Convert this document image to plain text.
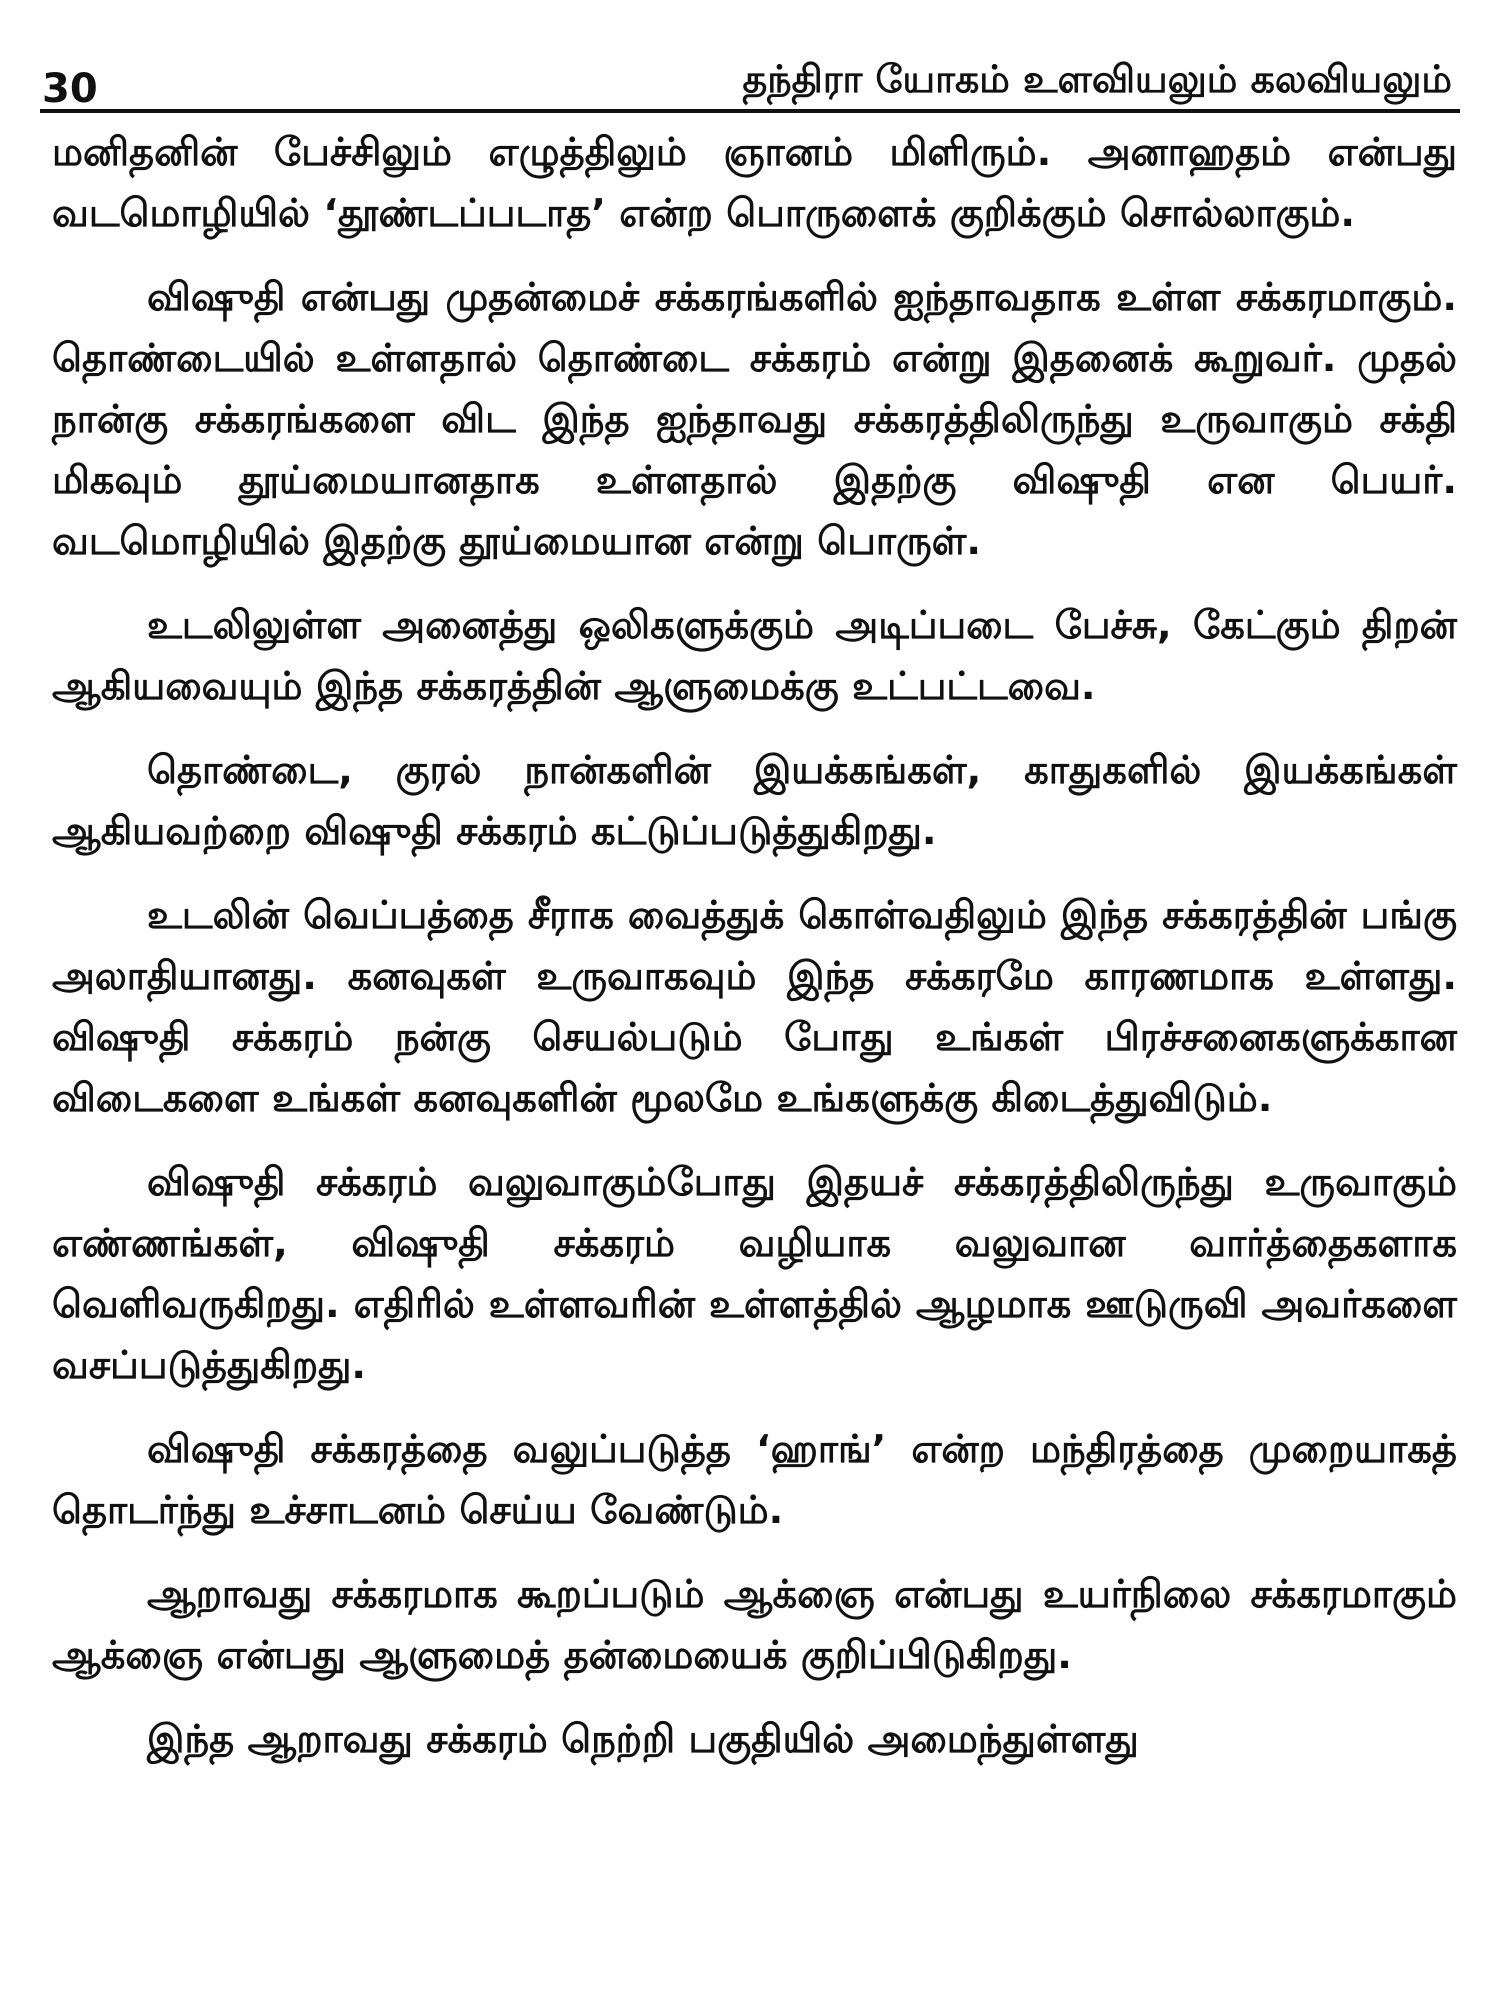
30	தந்திரா யோகம் உளவியலும் கலவியலும்

மனிதனின் பேச்சிலும் எழுத்திலும் ஞானம் மிளிரும். அனாஹதம் என்பது வடமொழியில் ‘தூண்டப்படாத’ என்ற பொருளைக் குறிக்கும் சொல்லாகும்.

விஷுதி என்பது முதன்மைச் சக்கரங்களில் ஐந்தாவதாக உள்ள சக்கரமாகும். தொண்டையில் உள்ளதால் தொண்டை சக்கரம் என்று இதனைக் கூறுவர். முதல் நான்கு சக்கரங்களை விட இந்த ஐந்தாவது சக்கரத்திலிருந்து உருவாகும் சக்தி மிகவும் தூய்மையானதாக உள்ளதால் இதற்கு விஷுதி என பெயர். வடமொழியில் இதற்கு தூய்மையான என்று பொருள்.

உடலிலுள்ள அனைத்து ஒலிகளுக்கும் அடிப்படை பேச்சு, கேட்கும் திறன் ஆகியவையும் இந்த சக்கரத்தின் ஆளுமைக்கு உட்பட்டவை.

தொண்டை, குரல் நான்களின் இயக்கங்கள், காதுகளில் இயக்கங்கள் ஆகியவற்றை விஷுதி சக்கரம் கட்டுப்படுத்துகிறது.

உடலின் வெப்பத்தை சீராக வைத்துக் கொள்வதிலும் இந்த சக்கரத்தின் பங்கு அலாதியானது. கனவுகள் உருவாகவும் இந்த சக்கரமே காரணமாக உள்ளது. விஷுதி சக்கரம் நன்கு செயல்படும் போது உங்கள் பிரச்சனைகளுக்கான விடைகளை உங்கள் கனவுகளின் மூலமே உங்களுக்கு கிடைத்துவிடும்.

விஷுதி சக்கரம் வலுவாகும்போது இதயச் சக்கரத்திலிருந்து உருவாகும் எண்ணங்கள், விஷுதி சக்கரம் வழியாக வலுவான வார்த்தைகளாக வெளிவருகிறது. எதிரில் உள்ளவரின் உள்ளத்தில் ஆழமாக ஊடுருவி அவர்களை வசப்படுத்துகிறது.

விஷுதி சக்கரத்தை வலுப்படுத்த ‘ஹாங்’ என்ற மந்திரத்தை முறையாகத் தொடர்ந்து உச்சாடனம் செய்ய வேண்டும்.

ஆறாவது சக்கரமாக கூறப்படும் ஆக்ஞை என்பது உயர்நிலை சக்கரமாகும் ஆக்ஞை என்பது ஆளுமைத் தன்மையைக் குறிப்பிடுகிறது.

இந்த ஆறாவது சக்கரம் நெற்றி பகுதியில் அமைந்துள்ளது
